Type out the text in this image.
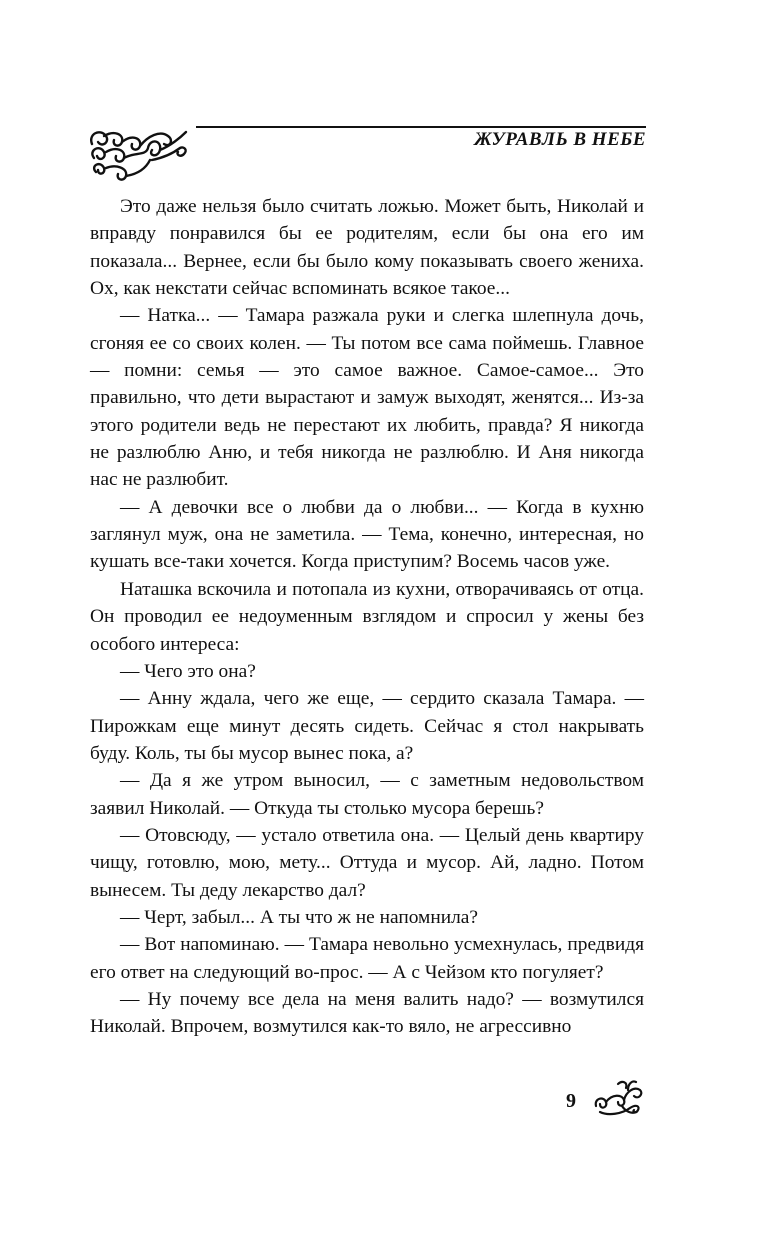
ЖУРАВЛЬ В НЕБЕ

Это даже нельзя было считать ложью. Может быть, Николай и вправду понравился бы ее родителям, если бы она его им показала... Вернее, если бы было кому показывать своего жениха. Ох, как некстати сейчас вспоминать всякое такое...

— Натка... — Тамара разжала руки и слегка шлепнула дочь, сгоняя ее со своих колен. — Ты потом все сама поймешь. Главное — помни: семья — это самое важное. Самое-самое... Это правильно, что дети вырастают и замуж выходят, женятся... Из-за этого родители ведь не перестают их любить, правда? Я никогда не разлюблю Аню, и тебя никогда не разлюблю. И Аня никогда нас не разлюбит.

— А девочки все о любви да о любви... — Когда в кухню заглянул муж, она не заметила. — Тема, конечно, интересная, но кушать все-таки хочется. Когда приступим? Восемь часов уже.

Наташка вскочила и потопала из кухни, отворачиваясь от отца. Он проводил ее недоуменным взглядом и спросил у жены без особого интереса:

— Чего это она?

— Анну ждала, чего же еще, — сердито сказала Тамара. — Пирожкам еще минут десять сидеть. Сейчас я стол накрывать буду. Коль, ты бы мусор вынес пока, а?

— Да я же утром выносил, — с заметным недовольством заявил Николай. — Откуда ты столько мусора берешь?

— Отовсюду, — устало ответила она. — Целый день квартиру чищу, готовлю, мою, мету... Оттуда и мусор. Ай, ладно. Потом вынесем. Ты деду лекарство дал?

— Черт, забыл... А ты что ж не напомнила?

— Вот напоминаю. — Тамара невольно усмехнулась, предвидя его ответ на следующий во-прос. — А с Чейзом кто погуляет?

— Ну почему все дела на меня валить надо? — возмутился Николай. Впрочем, возмутился как-то вяло, не агрессивно

9
